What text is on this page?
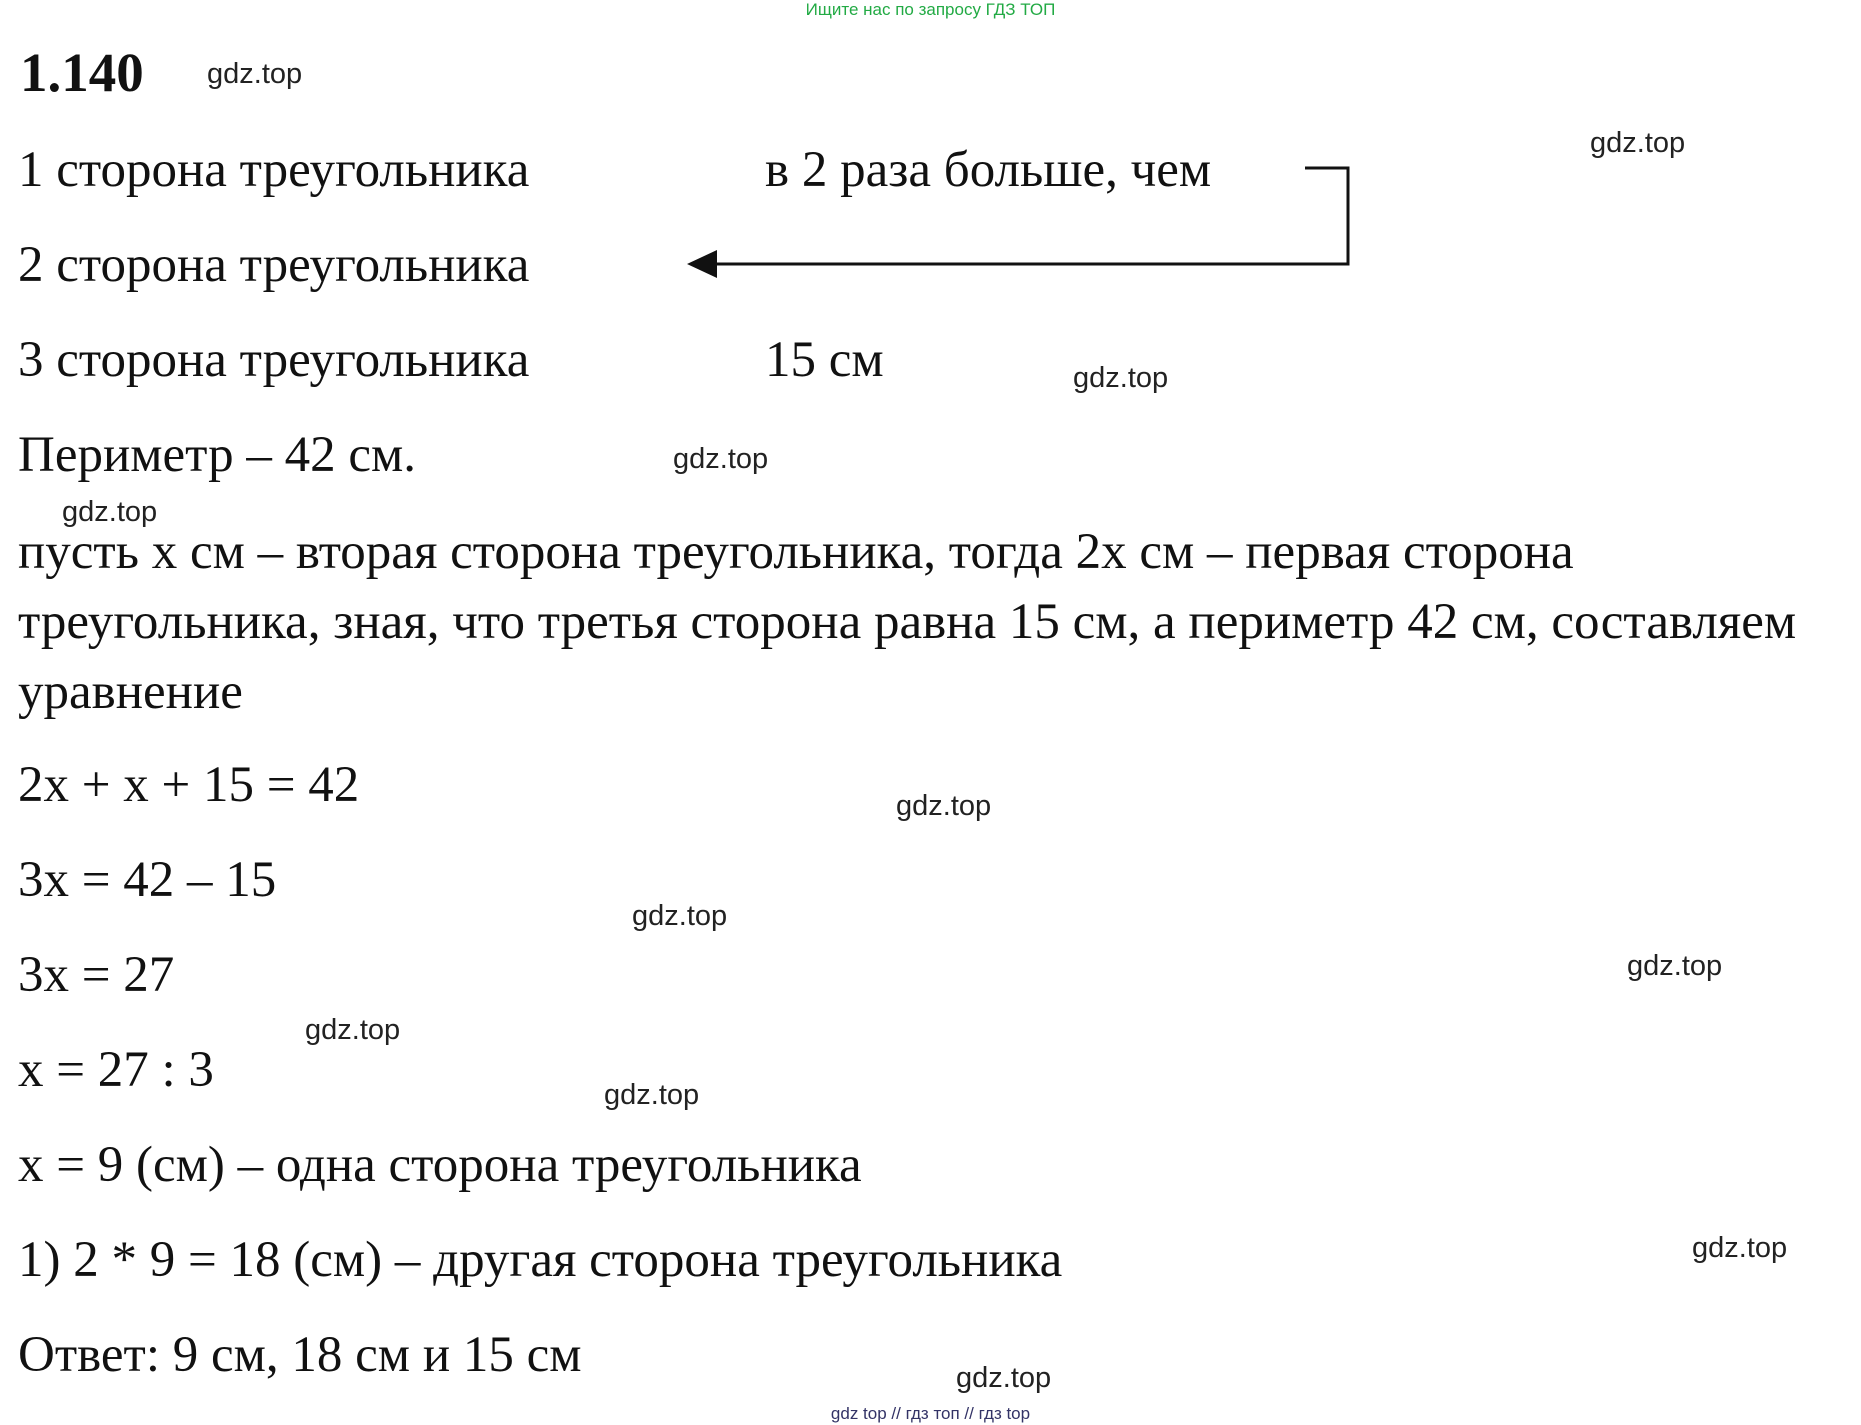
Ищите нас по запросу ГДЗ ТОП
1.140
1 сторона треугольника	в 2 раза больше, чем
2 сторона треугольника
3 сторона треугольника	15 см
Периметр – 42 см.
пусть x см – вторая сторона треугольника, тогда 2x см – первая сторона треугольника, зная, что третья сторона равна 15 см, а периметр 42 см, составляем уравнение
2x + x + 15 = 42
3x = 42 – 15
3x = 27
x = 27 : 3
x = 9 (см) – одна сторона треугольника
1) 2 * 9 = 18 (см) – другая сторона треугольника
Ответ: 9 см, 18 см и 15 см
gdz.top
gdz.top
gdz.top
gdz.top
gdz.top
gdz.top
gdz.top
gdz.top
gdz.top
gdz.top
gdz.top
gdz.top
gdz top // гдз топ // гдз top
